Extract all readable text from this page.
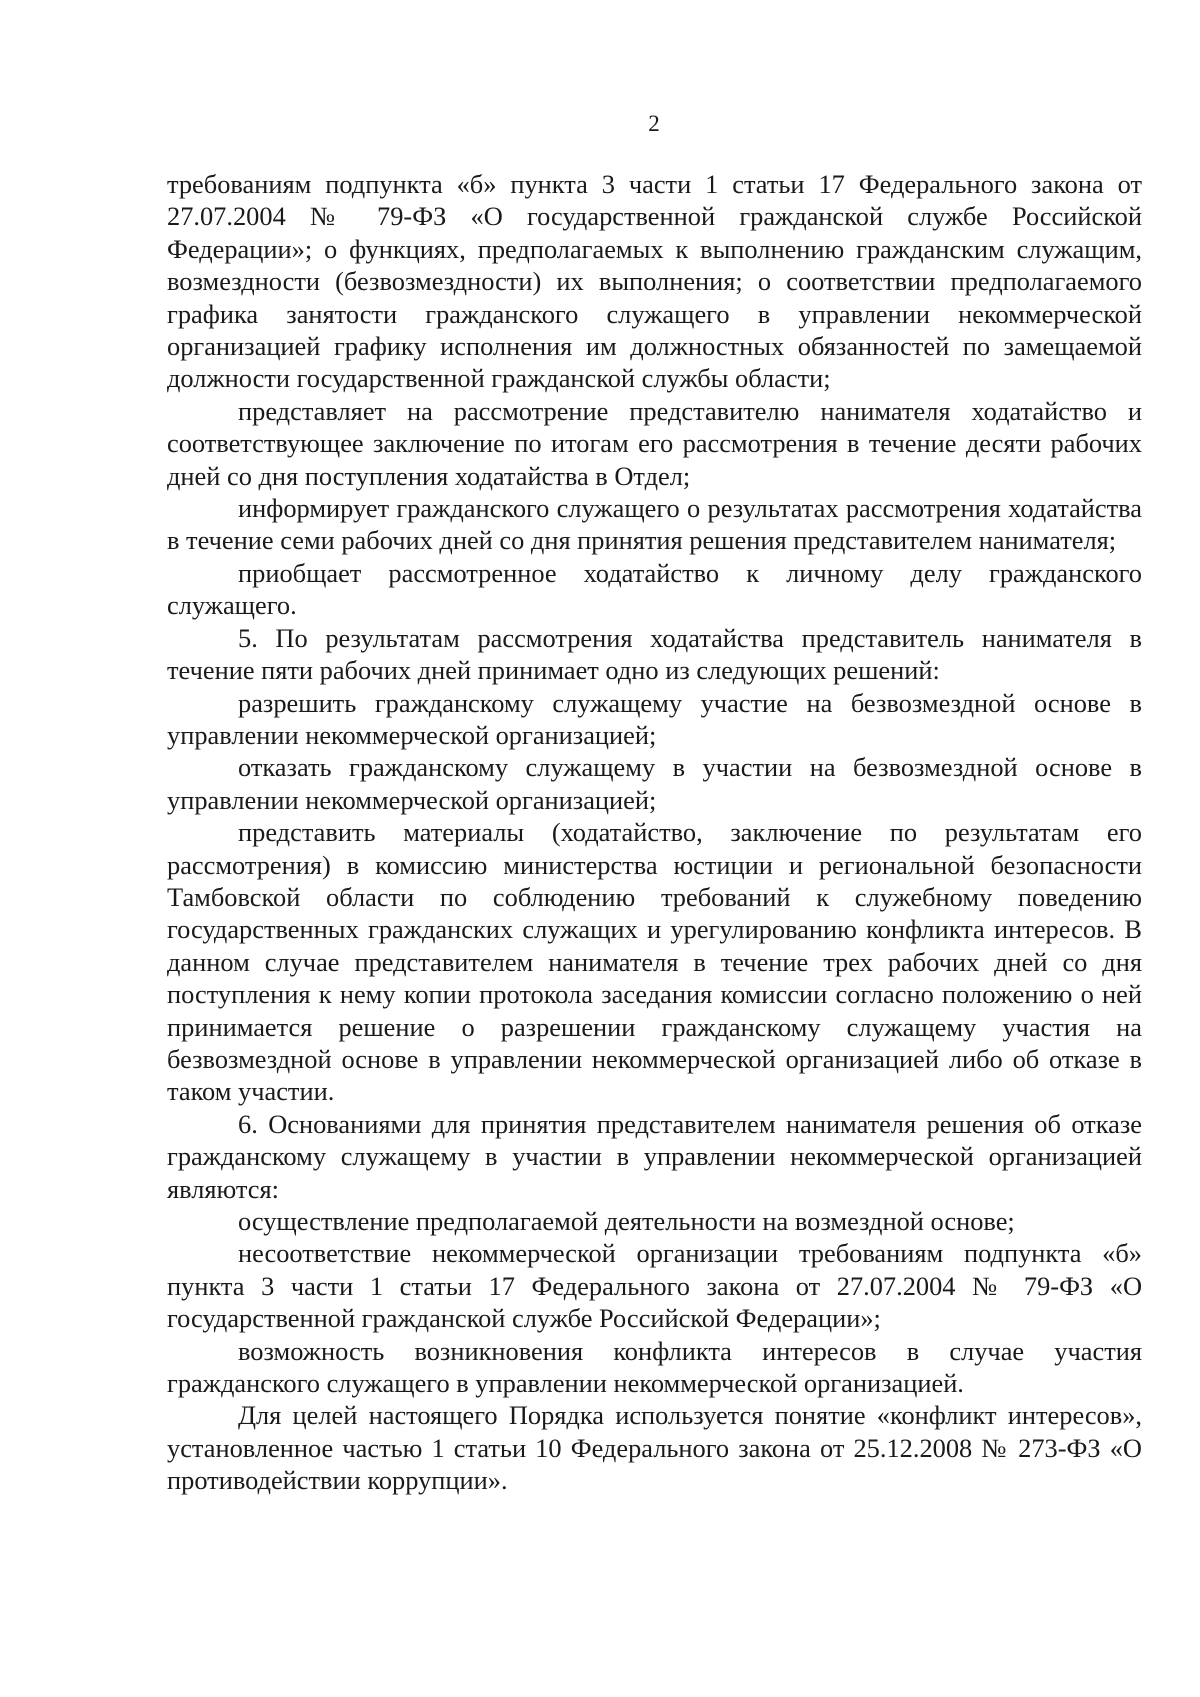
2

требованиям подпункта «б» пункта 3 части 1 статьи 17 Федерального закона от 27.07.2004 № 79-ФЗ «О государственной гражданской службе Российской Федерации»; о функциях, предполагаемых к выполнению гражданским служащим, возмездности (безвозмездности) их выполнения; о соответствии предполагаемого графика занятости гражданского служащего в управлении некоммерческой организацией графику исполнения им должностных обязанностей по замещаемой должности государственной гражданской службы области;

представляет на рассмотрение представителю нанимателя ходатайство и соответствующее заключение по итогам его рассмотрения в течение десяти рабочих дней со дня поступления ходатайства в Отдел;

информирует гражданского служащего о результатах рассмотрения ходатайства в течение семи рабочих дней со дня принятия решения представителем нанимателя;

приобщает рассмотренное ходатайство к личному делу гражданского служащего.

5. По результатам рассмотрения ходатайства представитель нанимателя в течение пяти рабочих дней принимает одно из следующих решений:

разрешить гражданскому служащему участие на безвозмездной основе в управлении некоммерческой организацией;

отказать гражданскому служащему в участии на безвозмездной основе в управлении некоммерческой организацией;

представить материалы (ходатайство, заключение по результатам его рассмотрения) в комиссию министерства юстиции и региональной безопасности Тамбовской области по соблюдению требований к служебному поведению государственных гражданских служащих и урегулированию конфликта интересов. В данном случае представителем нанимателя в течение трех рабочих дней со дня поступления к нему копии протокола заседания комиссии согласно положению о ней принимается решение о разрешении гражданскому служащему участия на безвозмездной основе в управлении некоммерческой организацией либо об отказе в таком участии.

6. Основаниями для принятия представителем нанимателя решения об отказе гражданскому служащему в участии в управлении некоммерческой организацией являются:

осуществление предполагаемой деятельности на возмездной основе;

несоответствие некоммерческой организации требованиям подпункта «б» пункта 3 части 1 статьи 17 Федерального закона от 27.07.2004 № 79-ФЗ «О государственной гражданской службе Российской Федерации»;

возможность возникновения конфликта интересов в случае участия гражданского служащего в управлении некоммерческой организацией.

Для целей настоящего Порядка используется понятие «конфликт интересов», установленное частью 1 статьи 10 Федерального закона от 25.12.2008 № 273-ФЗ «О противодействии коррупции».
